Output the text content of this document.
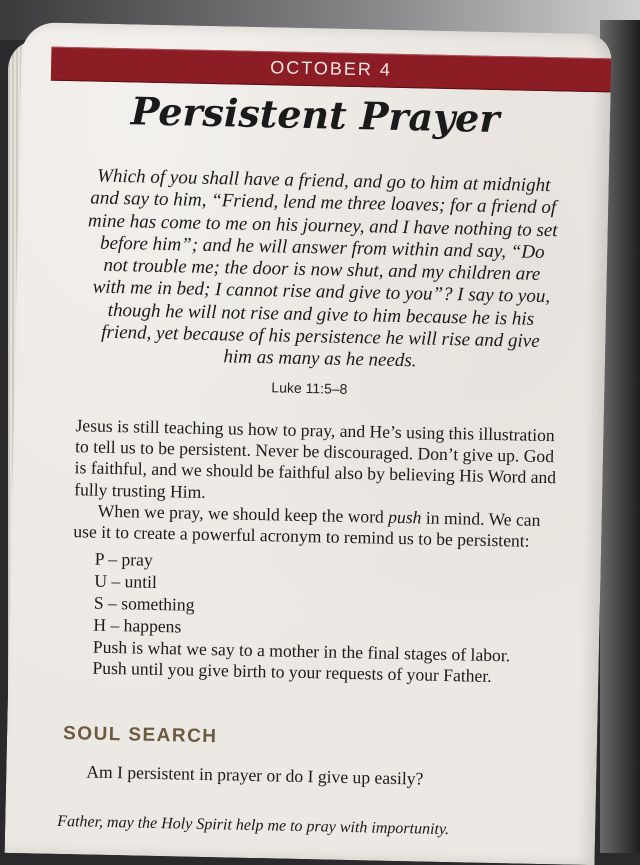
OCTOBER 4
Persistent Prayer
Which of you shall have a friend, and go to him at midnight and say to him, “Friend, lend me three loaves; for a friend of mine has come to me on his journey, and I have nothing to set before him”; and he will answer from within and say, “Do not trouble me; the door is now shut, and my children are with me in bed; I cannot rise and give to you”? I say to you, though he will not rise and give to him because he is his friend, yet because of his persistence he will rise and give him as many as he needs.
Luke 11:5–8

Jesus is still teaching us how to pray, and He’s using this illustration to tell us to be persistent. Never be discouraged. Don’t give up. God is faithful, and we should be faithful also by believing His Word and fully trusting Him.

When we pray, we should keep the word push in mind. We can use it to create a powerful acronym to remind us to be persistent:

P – pray
U – until
S – something
H – happens

Push is what we say to a mother in the final stages of labor.

Push until you give birth to your requests of your Father.

SOUL SEARCH
Am I persistent in prayer or do I give up easily?
Father, may the Holy Spirit help me to pray with importunity.
